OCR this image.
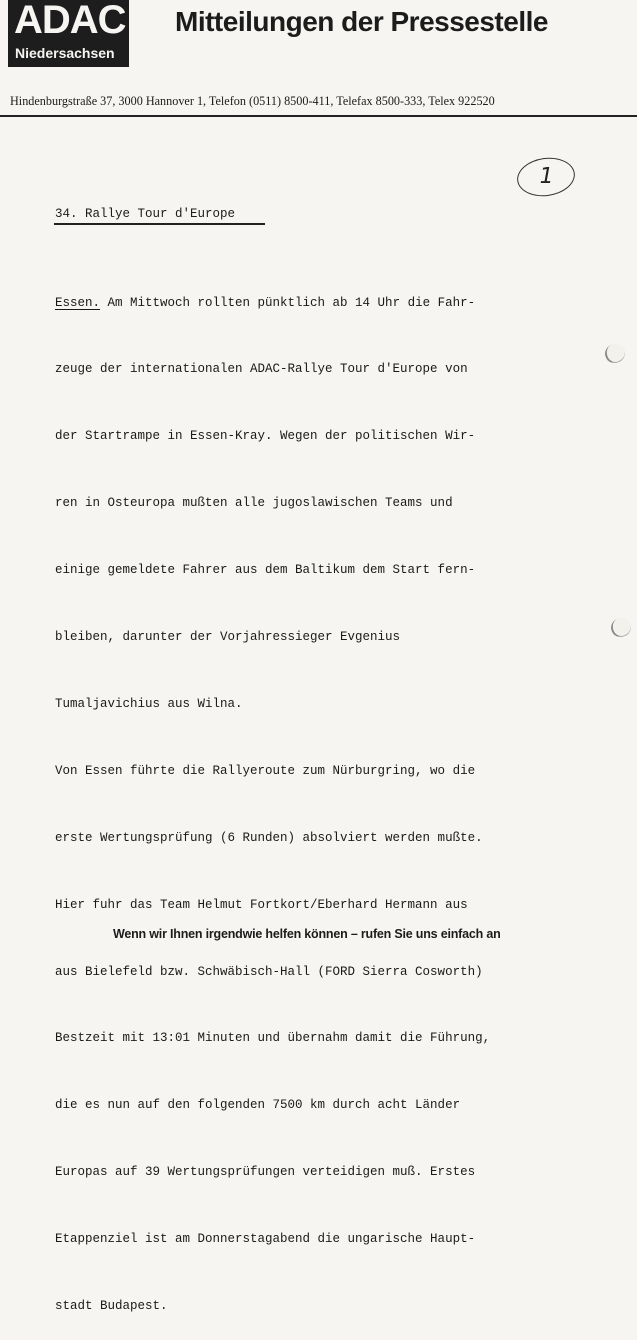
ADAC
Niedersachsen
Mitteilungen der Pressestelle
Hindenburgstraße 37, 3000 Hannover 1, Telefon (0511) 8500-411, Telefax 8500-333, Telex 922520
1
34. Rallye Tour d'Europe

Essen. Am Mittwoch rollten pünktlich ab 14 Uhr die Fahr-

zeuge der internationalen ADAC-Rallye Tour d'Europe von

der Startrampe in Essen-Kray. Wegen der politischen Wir-

ren in Osteuropa mußten alle jugoslawischen Teams und

einige gemeldete Fahrer aus dem Baltikum dem Start fern-

bleiben, darunter der Vorjahressieger Evgenius

Tumaljavichius aus Wilna.

Von Essen führte die Rallyeroute zum Nürburgring, wo die

erste Wertungsprüfung (6 Runden) absolviert werden mußte.

Hier fuhr das Team Helmut Fortkort/Eberhard Hermann aus

aus Bielefeld bzw. Schwäbisch-Hall (FORD Sierra Cosworth)

Bestzeit mit 13:01 Minuten und übernahm damit die Führung,

die es nun auf den folgenden 7500 km durch acht Länder

Europas auf 39 Wertungsprüfungen verteidigen muß. Erstes

Etappenziel ist am Donnerstagabend die ungarische Haupt-

stadt Budapest.

Wenn wir Ihnen irgendwie helfen können – rufen Sie uns einfach an
